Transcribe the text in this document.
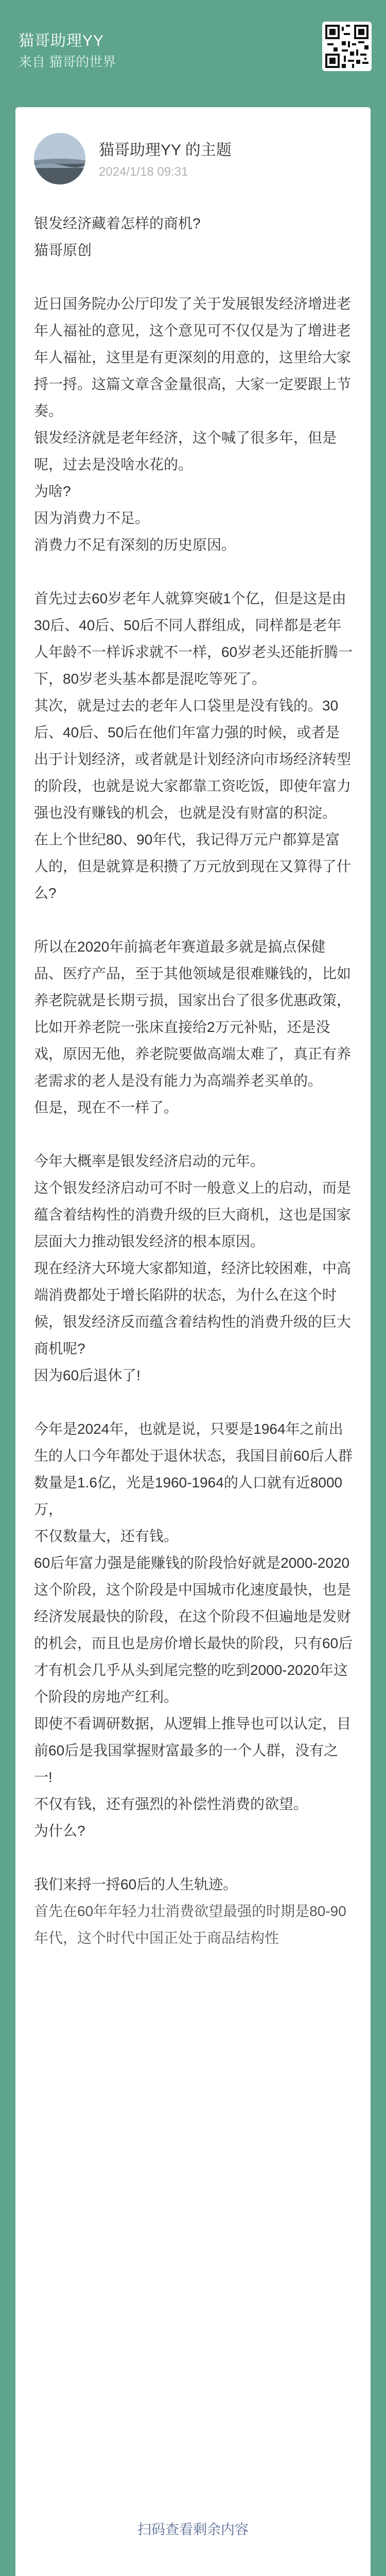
猫哥助理YY
来自 猫哥的世界
猫哥助理YY 的主题
2024/1/18 09:31

银发经济藏着怎样的商机?

猫哥原创

近日国务院办公厅印发了关于发展银发经济增进老年人福祉的意见，这个意见可不仅仅是为了增进老年人福祉，这里是有更深刻的用意的，这里给大家捋一捋。这篇文章含金量很高，大家一定要跟上节奏。

银发经济就是老年经济，这个喊了很多年，但是呢，过去是没啥水花的。

为啥?

因为消费力不足。

消费力不足有深刻的历史原因。

首先过去60岁老年人就算突破1个亿，但是这是由30后、40后、50后不同人群组成，同样都是老年人年龄不一样诉求就不一样，60岁老头还能折腾一下，80岁老头基本都是混吃等死了。

其次，就是过去的老年人口袋里是没有钱的。30后、40后、50后在他们年富力强的时候，或者是出于计划经济，或者就是计划经济向市场经济转型的阶段，也就是说大家都靠工资吃饭，即使年富力强也没有赚钱的机会，也就是没有财富的积淀。

在上个世纪80、90年代，我记得万元户都算是富人的，但是就算是积攒了万元放到现在又算得了什么?

所以在2020年前搞老年赛道最多就是搞点保健品、医疗产品，至于其他领域是很难赚钱的，比如养老院就是长期亏损，国家出台了很多优惠政策，比如开养老院一张床直接给2万元补贴，还是没戏，原因无他，养老院要做高端太难了，真正有养老需求的老人是没有能力为高端养老买单的。

但是，现在不一样了。

今年大概率是银发经济启动的元年。

这个银发经济启动可不时一般意义上的启动，而是蕴含着结构性的消费升级的巨大商机，这也是国家层面大力推动银发经济的根本原因。

现在经济大环境大家都知道，经济比较困难，中高端消费都处于增长陷阱的状态，为什么在这个时候，银发经济反而蕴含着结构性的消费升级的巨大商机呢?

因为60后退休了!

今年是2024年，也就是说，只要是1964年之前出生的人口今年都处于退休状态，我国目前60后人群数量是1.6亿，光是1960-1964的人口就有近8000万，

不仅数量大，还有钱。

60后年富力强是能赚钱的阶段恰好就是2000-2020这个阶段，这个阶段是中国城市化速度最快，也是经济发展最快的阶段，在这个阶段不但遍地是发财的机会，而且也是房价增长最快的阶段，只有60后才有机会几乎从头到尾完整的吃到2000-2020年这个阶段的房地产红利。

即使不看调研数据，从逻辑上推导也可以认定，目前60后是我国掌握财富最多的一个人群，没有之一!

不仅有钱，还有强烈的补偿性消费的欲望。

为什么?

我们来捋一捋60后的人生轨迹。

首先在60年年轻力壮消费欲望最强的时期是80-90年代，这个时代中国正处于商品结构性

扫码查看剩余内容
